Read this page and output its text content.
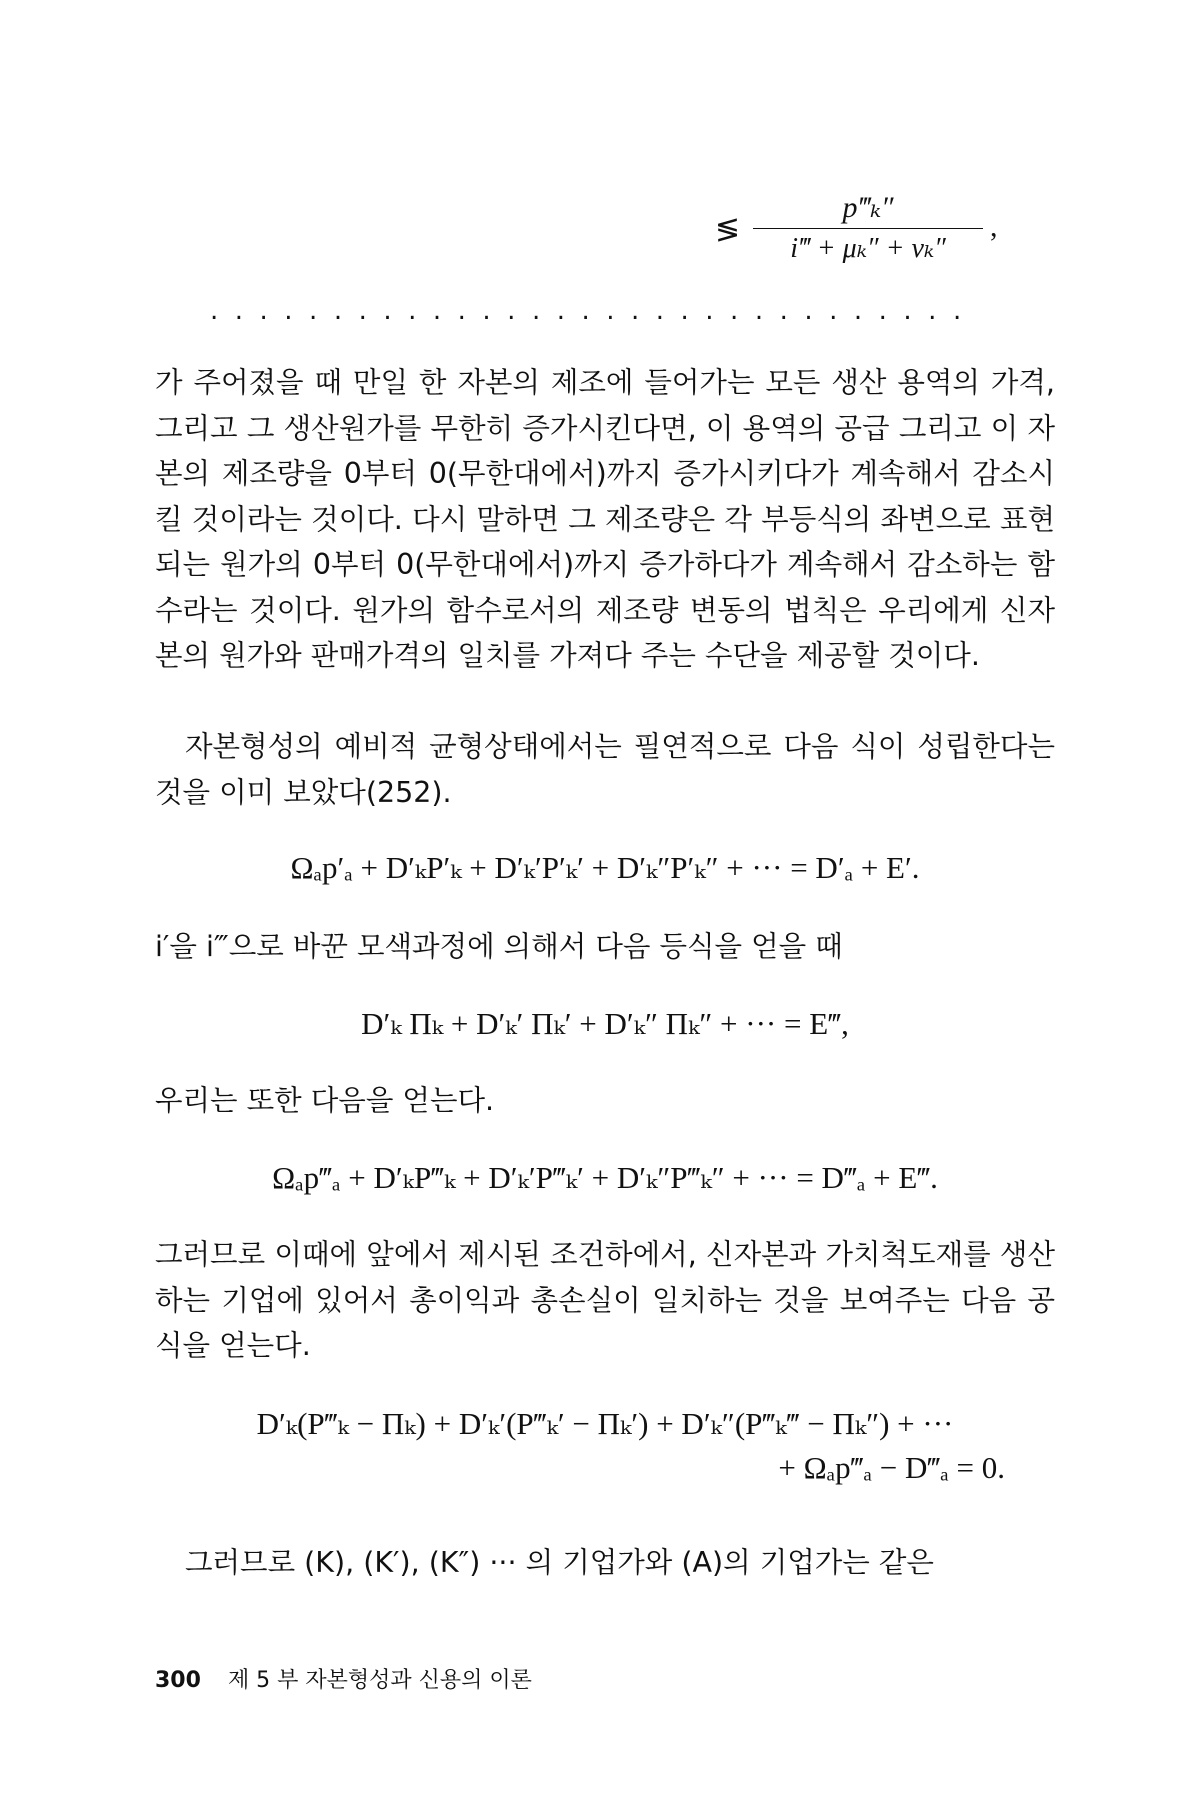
≶
p‴ₖ″
i‴ + μₖ″ + νₖ″
,
...............................

가 주어졌을 때 만일 한 자본의 제조에 들어가는 모든 생산 용역의 가격, 그리고 그 생산원가를 무한히 증가시킨다면, 이 용역의 공급 그리고 이 자본의 제조량을 0부터 0(무한대에서)까지 증가시키다가 계속해서 감소시킬 것이라는 것이다. 다시 말하면 그 제조량은 각 부등식의 좌변으로 표현되는 원가의 0부터 0(무한대에서)까지 증가하다가 계속해서 감소하는 함수라는 것이다. 원가의 함수로서의 제조량 변동의 법칙은 우리에게 신자본의 원가와 판매가격의 일치를 가져다 주는 수단을 제공할 것이다.

자본형성의 예비적 균형상태에서는 필연적으로 다음 식이 성립한다는 것을 이미 보았다(252).

Ωₐp′ₐ + D′ₖP′ₖ + D′ₖ′P′ₖ′ + D′ₖ″P′ₖ″ + ··· = D′ₐ + E′.

i′을 i‴으로 바꾼 모색과정에 의해서 다음 등식을 얻을 때

D′ₖ Πₖ + D′ₖ′ Πₖ′ + D′ₖ″ Πₖ″ + ··· = E‴,

우리는 또한 다음을 얻는다.

Ωₐp‴ₐ + D′ₖP‴ₖ + D′ₖ′P‴ₖ′ + D′ₖ″P‴ₖ″ + ··· = D‴ₐ + E‴.

그러므로 이때에 앞에서 제시된 조건하에서, 신자본과 가치척도재를 생산하는 기업에 있어서 총이익과 총손실이 일치하는 것을 보여주는 다음 공식을 얻는다.

D′ₖ(P‴ₖ − Πₖ) + D′ₖ′(P‴ₖ′ − Πₖ′) + D′ₖ″(P‴ₖ‴ − Πₖ″) + ···

+ Ωₐp‴ₐ − D‴ₐ = 0.

그러므로 (K), (K′), (K″) ··· 의 기업가와 (A)의 기업가는 같은

300 제 5 부 자본형성과 신용의 이론
